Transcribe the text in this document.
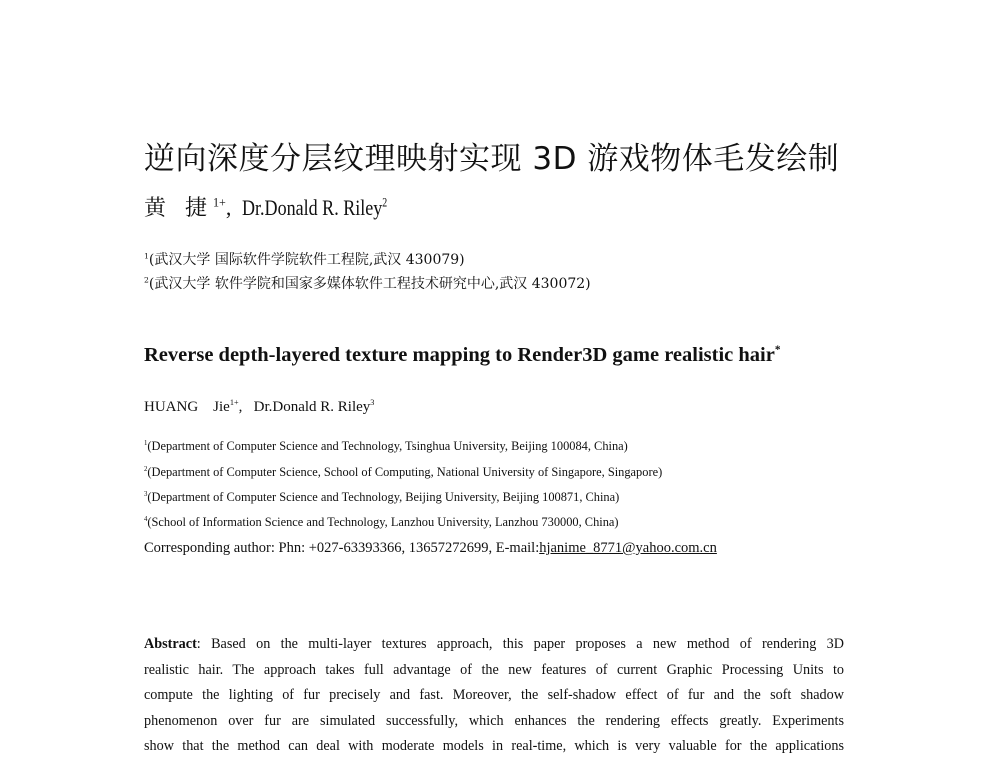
逆向深度分层纹理映射实现 3D 游戏物体毛发绘制
黄 捷$^{1+}$, Dr.Donald R. Riley$^2$
$^1$(武汉大学 国际软件学院软件工程院,武汉 430079)
$^2$(武汉大学 软件学院和国家多媒体软件工程技术研究中心,武汉 430072)
Reverse depth-layered texture mapping to Render3D game realistic hair*
HUANG    Jie$^{1+}$, Dr.Donald R. Riley$^3$
$^1$(Department of Computer Science and Technology, Tsinghua University, Beijing 100084, China)
$^2$(Department of Computer Science, School of Computing, National University of Singapore, Singapore)
$^3$(Department of Computer Science and Technology, Beijing University, Beijing 100871, China)
$^4$(School of Information Science and Technology, Lanzhou University, Lanzhou 730000, China)
Corresponding author: Phn: +027-63393366, 13657272699, E-mail:hjanime_8771@yahoo.com.cn
Abstract: Based on the multi-layer textures approach, this paper proposes a new method of rendering 3D
realistic hair. The approach takes full advantage of the new features of current Graphic Processing Units to
compute the lighting of fur precisely and fast. Moreover, the self-shadow effect of fur and the soft shadow
phenomenon over fur are simulated successfully, which enhances the rendering effects greatly. Experiments
show that the method can deal with moderate models in real-time, which is very valuable for the applications
